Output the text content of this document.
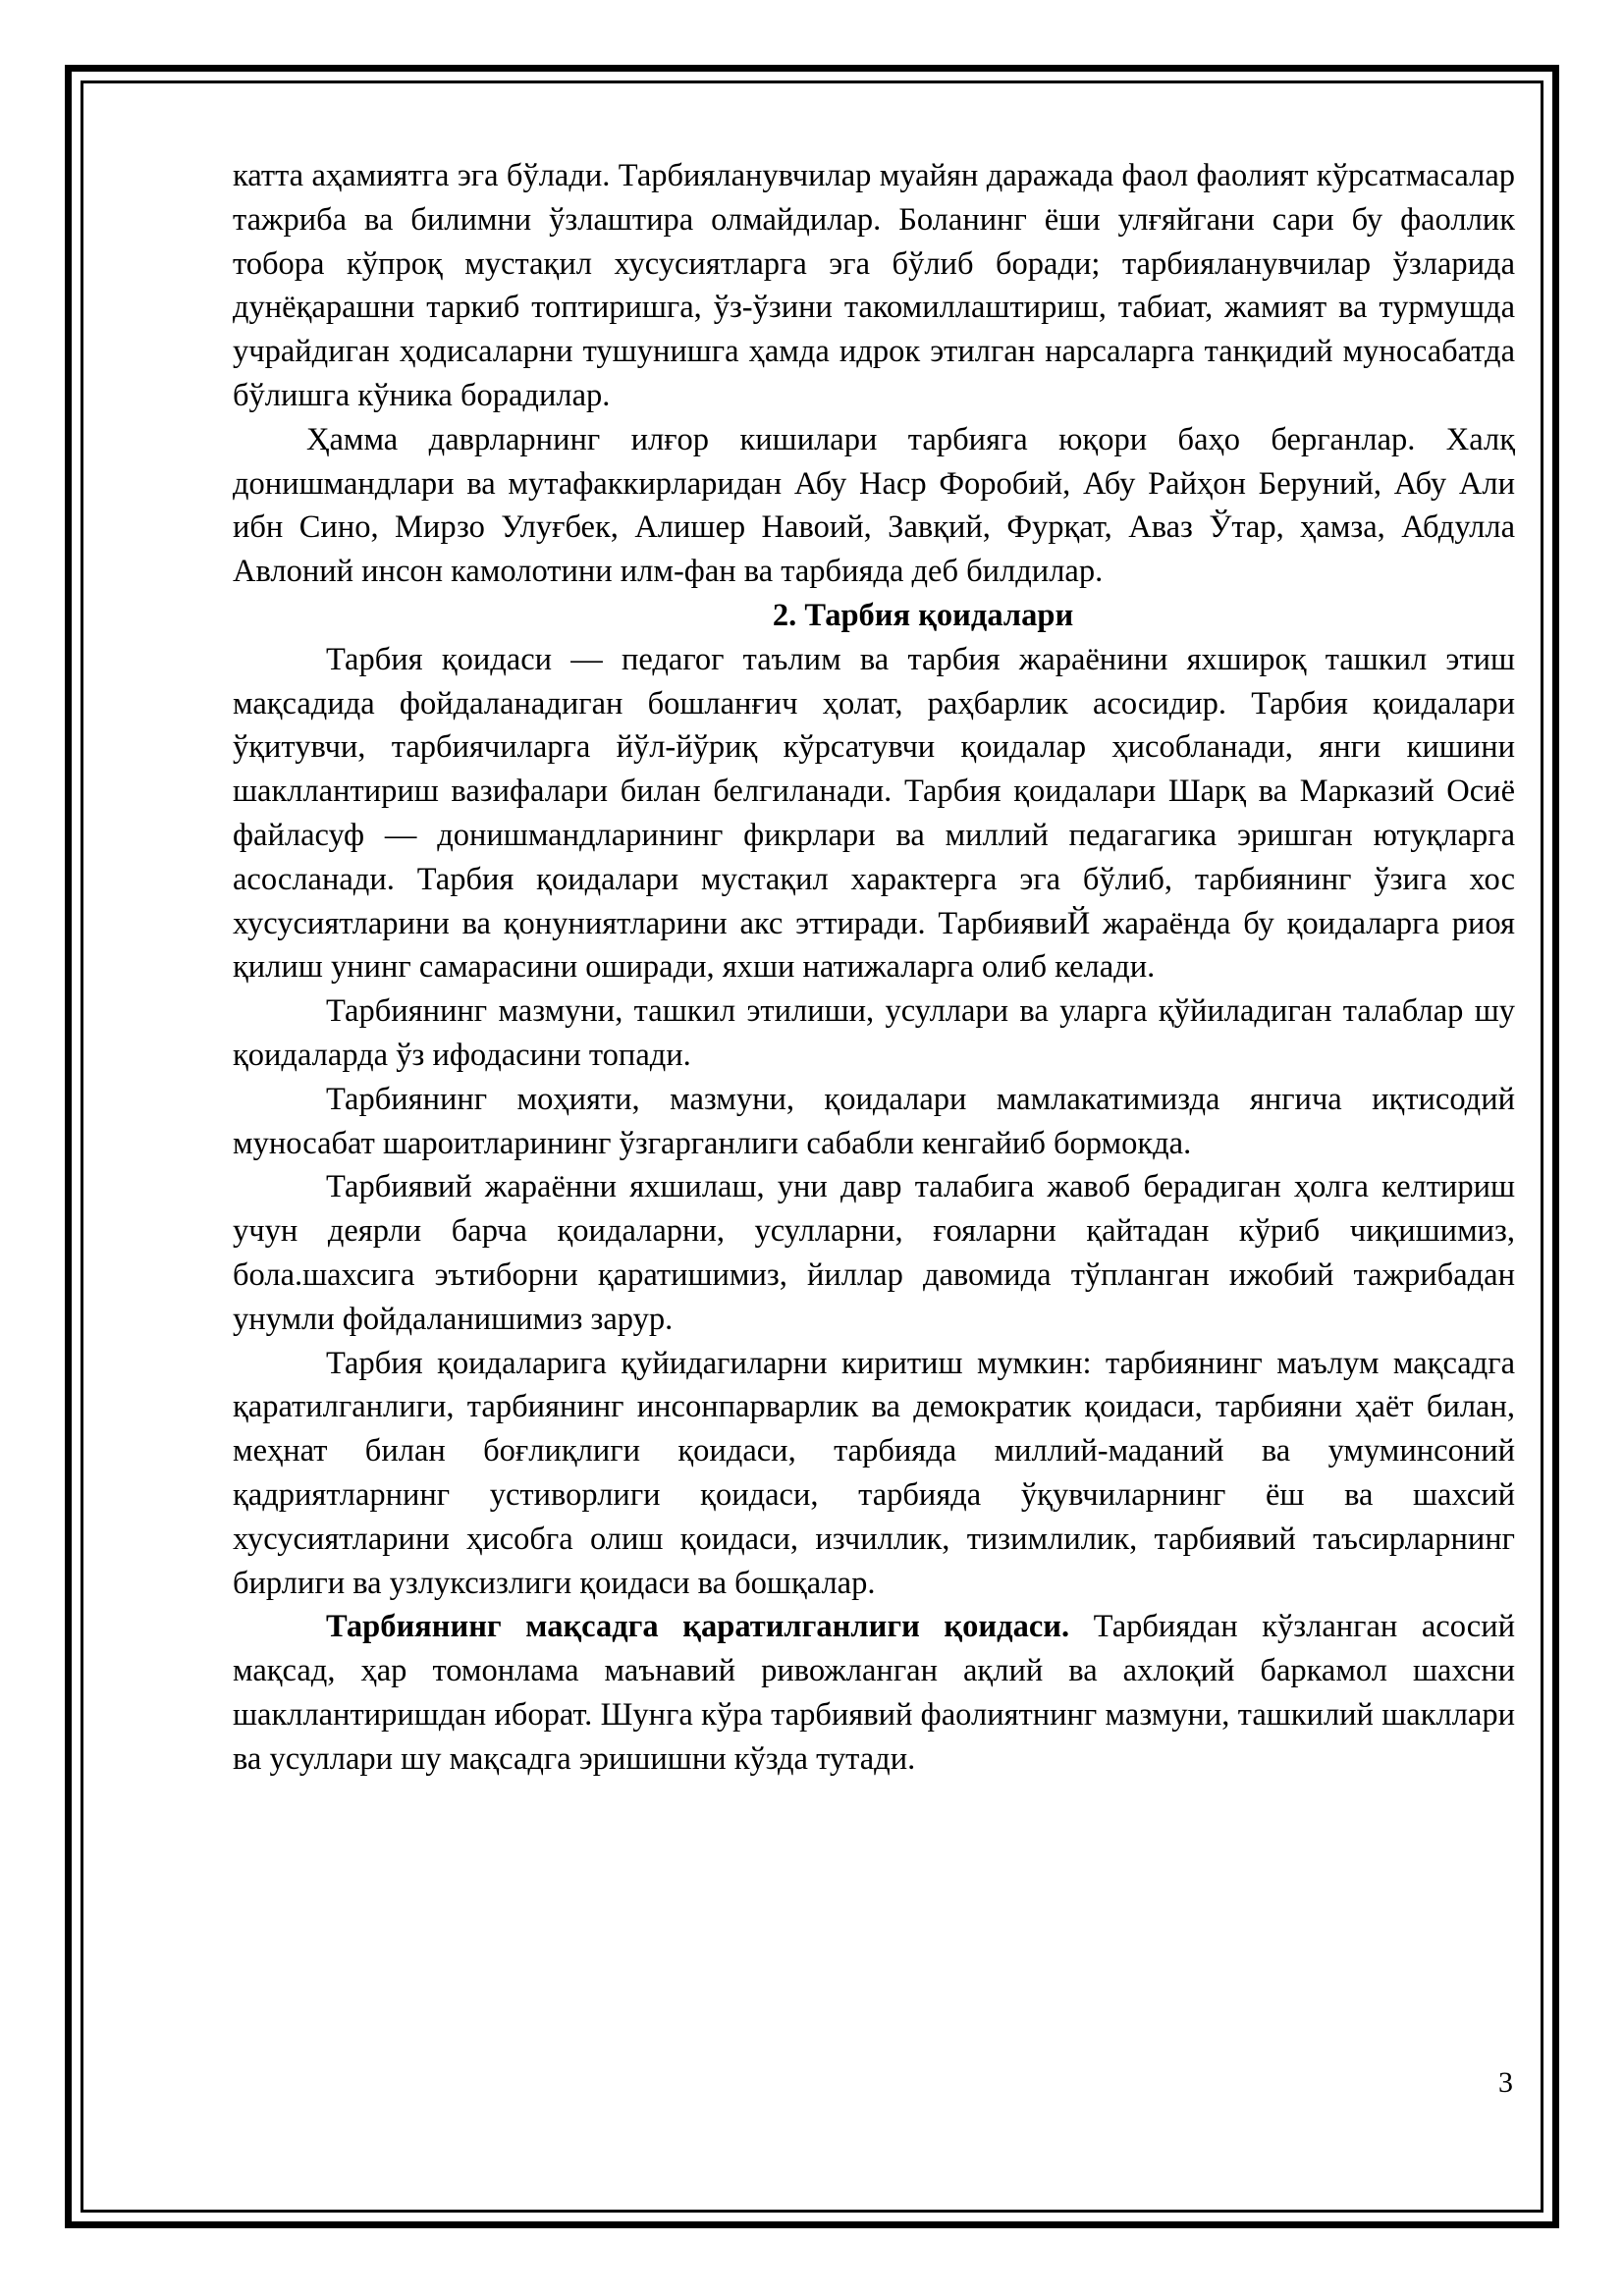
катта аҳамиятга эга бўлади. Тарбияланувчилар муайян даражада фаол фаолият кўрсатмасалар тажриба ва билимни ўзлаштира олмайдилар. Боланинг ёши улғяйгани сари бу фаоллик тобора кўпроқ мустақил хусусиятларга эга бўлиб боради; тарбияланувчилар ўзларида дунёқарашни таркиб топтиришга, ўз-ўзини такомиллаштириш, табиат, жамият ва турмушда учрайдиган ҳодисаларни тушунишга ҳамда идрок этилган нарсаларга танқидий муносабатда бўлишга кўника борадилар.

Ҳамма даврларнинг илғор кишилари тарбияга юқори баҳо берганлар. Халқ донишмандлари ва мутафаккирларидан Абу Наср Форобий, Абу Райҳон Беруний, Абу Али ибн Сино, Мирзо Улуғбек, Алишер Навоий, Завқий, Фурқат, Аваз Ўтар, ҳамза, Абдулла Авлоний инсон камолотини илм-фан ва тарбияда деб билдилар.

2. Тарбия қоидалари

Тарбия қоидаси — педагог таълим ва тарбия жараёнини яхшироқ ташкил этиш мақсадида фойдаланадиган бошланғич ҳолат, раҳбарлик асосидир. Тарбия қоидалари ўқитувчи, тарбиячиларга йўл-йўриқ кўрсатувчи қоидалар ҳисобланади, янги кишини шакллантириш вазифалари билан белгиланади. Тарбия қоидалари Шарқ ва Марказий Осиё файласуф — донишмандларининг фикрлари ва миллий педагагика эришган ютуқларга асосланади. Тарбия қоидалари мустақил характерга эга бўлиб, тарбиянинг ўзига хос хусусиятларини ва қонуниятларини акс эттиради. ТарбиявиЙ жараёнда бу қоидаларга риоя қилиш унинг самарасини оширади, яхши натижаларга олиб келади.

Тарбиянинг мазмуни, ташкил этилиши, усуллари ва уларга қўйиладиган талаблар шу қоидаларда ўз ифодасини топади.

Тарбиянинг моҳияти, мазмуни, қоидалари мамлакатимизда янгича иқтисодий муносабат шароитларининг ўзгарганлиги сабабли кенгайиб бормокда.

Тарбиявий жараённи яхшилаш, уни давр талабига жавоб берадиган ҳолга келтириш учун деярли барча қоидаларни, усулларни, ғояларни қайтадан кўриб чиқишимиз, бола.шахсига эътиборни қаратишимиз, йиллар давомида тўпланган ижобий тажрибадан унумли фойдаланишимиз зарур.

Тарбия қоидаларига қуйидагиларни киритиш мумкин: тарбиянинг маълум мақсадга қаратилганлиги, тарбиянинг инсонпарварлик ва демократик қоидаси, тарбияни ҳаёт билан, меҳнат билан боғлиқлиги қоидаси, тарбияда миллий-маданий ва умуминсоний қадриятларнинг устиворлиги қоидаси, тарбияда ўқувчиларнинг ёш ва шахсий хусусиятларини ҳисобга олиш қоидаси, изчиллик, тизимлилик, тарбиявий таъсирларнинг бирлиги ва узлуксизлиги қоидаси ва бошқалар.

Тарбиянинг мақсадга қаратилганлиги қоидаси. Тарбиядан кўзланган асосий мақсад, ҳар томонлама маънавий ривожланган ақлий ва ахлоқий баркамол шахсни шакллантиришдан иборат. Шунга кўра тарбиявий фаолиятнинг мазмуни, ташкилий шакллари ва усуллари шу мақсадга эришишни кўзда тутади.

3
